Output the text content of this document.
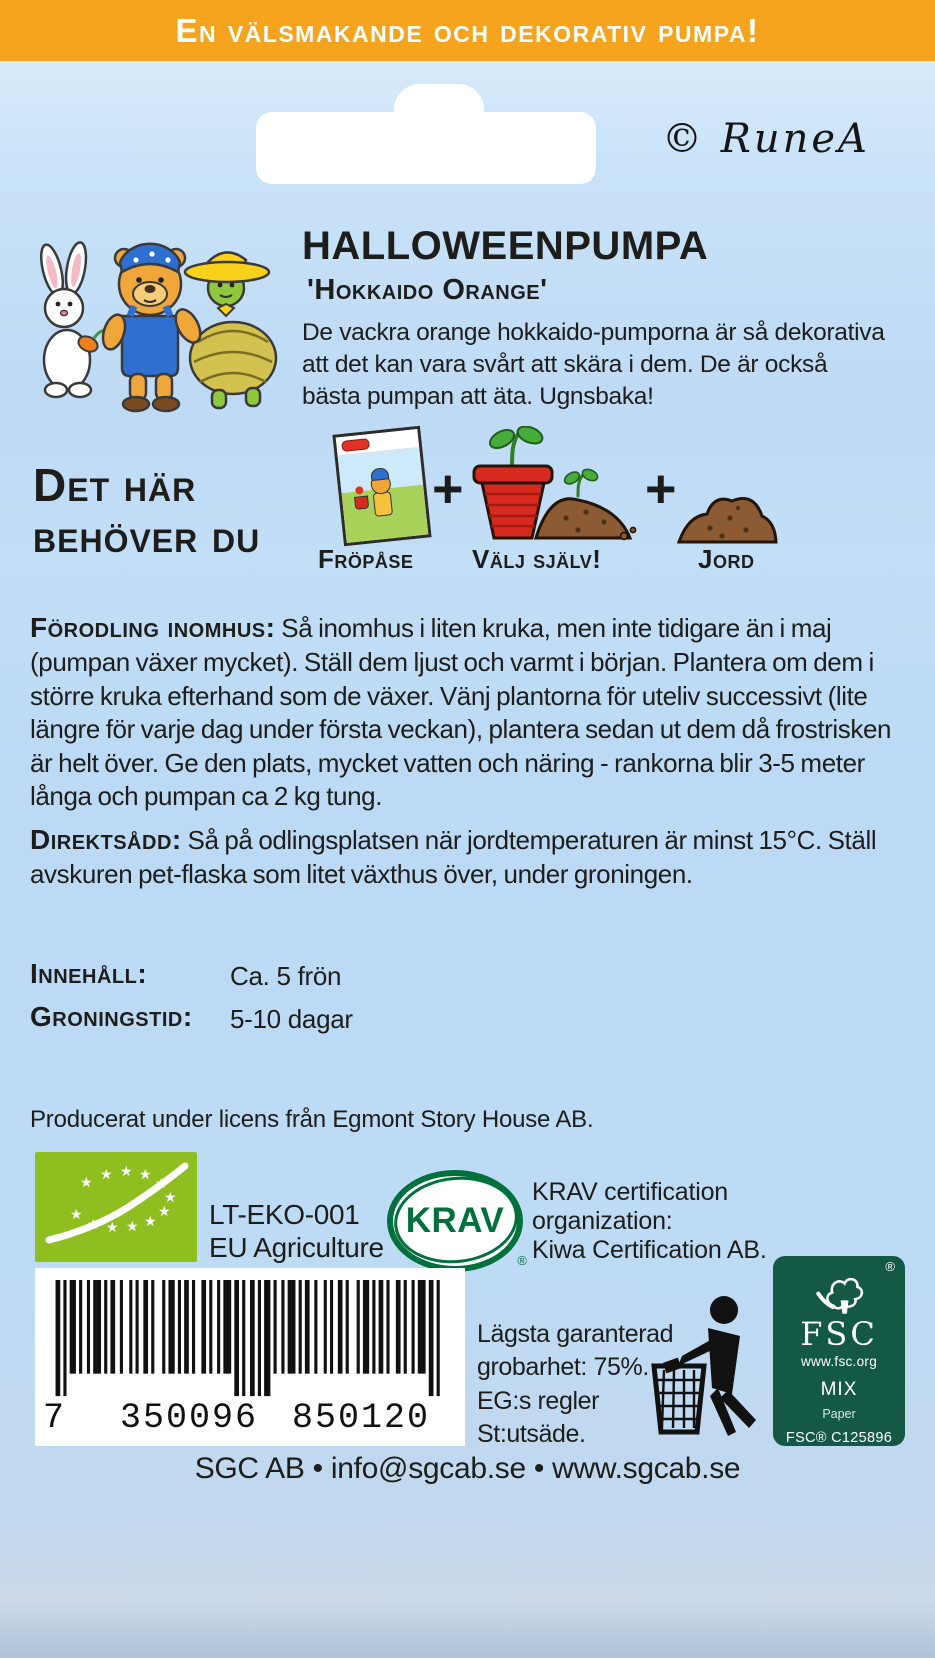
En välsmakande och dekorativ pumpa!
© RuneA
HALLOWEENPUMPA
'Hokkaido Orange'
De vackra orange hokkaido-pumporna är så dekorativa att det kan vara svårt att skära i dem. De är också bästa pumpan att äta. Ugnsbaka!
Det här
behöver du
+	+
Fröpåse Välj själv!	Jord

Förodling inomhus: Så inomhus i liten kruka, men inte tidigare än i maj (pumpan växer mycket). Ställ dem ljust och varmt i början. Plantera om dem i större kruka efterhand som de växer. Vänj plantorna för uteliv successivt (lite längre för varje dag under första veckan), plantera sedan ut dem då frostrisken är helt över. Ge den plats, mycket vatten och näring - rankorna blir 3-5 meter långa och pumpan ca 2 kg tung.

Direktsådd: Så på odlingsplatsen när jordtemperaturen är minst 15°C. Ställ avskuren pet-flaska som litet växthus över, under groningen.

Innehåll:	Ca. 5 frön
Groningstid:	5-10 dagar
Producerat under licens från Egmont Story House AB.
★ ★ ★ ★
★
★
★
★
★
★
★
★	LT-EKO-001
EU Agriculture
KRAV
®
KRAV certification
organization:
Kiwa Certification AB.
7	350096 850120
Lägsta garanterad
grobarhet: 75%.
EG:s regler
St:utsäde.
®
FSC
www.fsc.org
MIX
Paper
FSC® C125896
SGC AB • info@sgcab.se • www.sgcab.se
